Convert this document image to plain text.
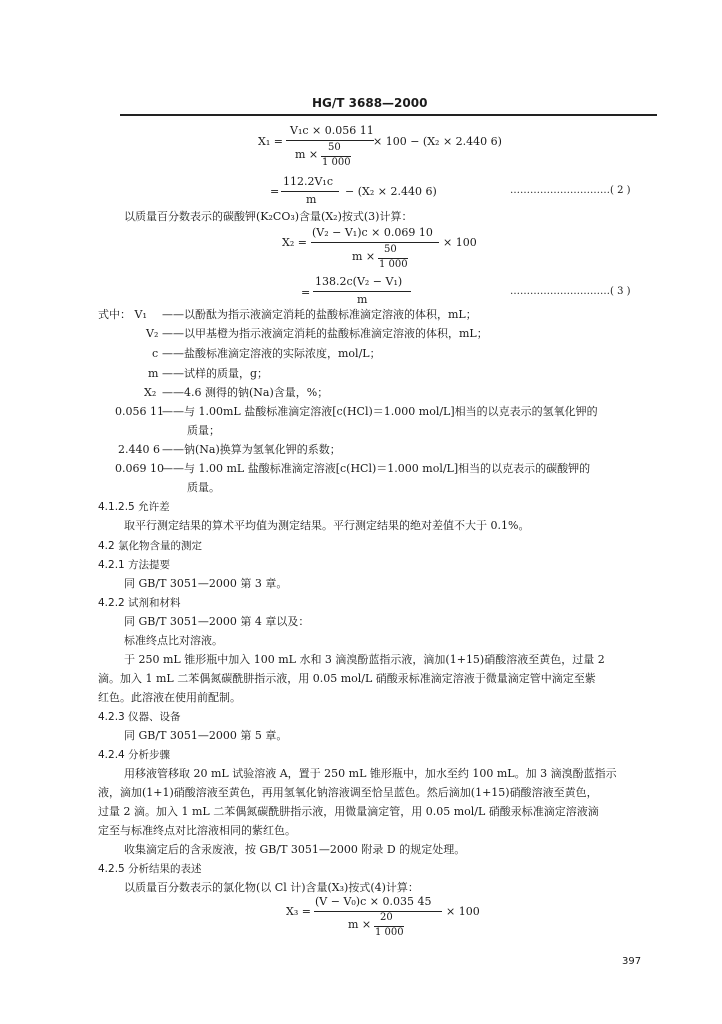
HG/T 3688—2000
X₁ =
V₁c × 0.056 11
m ×
50
1 000
× 100 − (X₂ × 2.440 6)
=
112.2V₁c
m
− (X₂ × 2.440 6)	…………………………( 2 )
以质量百分数表示的碳酸钾(K₂CO₃)含量(X₂)按式(3)计算：
X₂ =
(V₂ − V₁)c × 0.069 10
m ×
50
1 000
× 100
=
138.2c(V₂ − V₁)
m
…………………………( 3 )
式中： V₁ ——以酚酞为指示液滴定消耗的盐酸标准滴定溶液的体积，mL；
V₂ ——以甲基橙为指示液滴定消耗的盐酸标准滴定溶液的体积，mL；
c ——盐酸标准滴定溶液的实际浓度，mol/L；
m ——试样的质量，g；
X₂ ——4.6 测得的钠(Na)含量，%；
0.056 11
——与 1.00mL 盐酸标准滴定溶液[c(HCl)＝1.000 mol/L]相当的以克表示的氢氧化钾的
质量；
2.440 6 ——钠(Na)换算为氢氧化钾的系数；
0.069 10
——与 1.00 mL 盐酸标准滴定溶液[c(HCl)＝1.000 mol/L]相当的以克表示的碳酸钾的
质量。
4.1.2.5 允许差
取平行测定结果的算术平均值为测定结果。平行测定结果的绝对差值不大于 0.1%。
4.2 氯化物含量的测定
4.2.1 方法提要
同 GB/T 3051—2000 第 3 章。
4.2.2 试剂和材料
同 GB/T 3051—2000 第 4 章以及：
标准终点比对溶液。
于 250 mL 锥形瓶中加入 100 mL 水和 3 滴溴酚蓝指示液，滴加(1+15)硝酸溶液至黄色，过量 2
滴。加入 1 mL 二苯偶氮碳酰肼指示液，用 0.05 mol/L 硝酸汞标准滴定溶液于微量滴定管中滴定至紫
红色。此溶液在使用前配制。
4.2.3 仪器、设备
同 GB/T 3051—2000 第 5 章。
4.2.4 分析步骤
用移液管移取 20 mL 试验溶液 A，置于 250 mL 锥形瓶中，加水至约 100 mL。加 3 滴溴酚蓝指示
液，滴加(1+1)硝酸溶液至黄色，再用氢氧化钠溶液调至恰呈蓝色。然后滴加(1+15)硝酸溶液至黄色，
过量 2 滴。加入 1 mL 二苯偶氮碳酰肼指示液，用微量滴定管，用 0.05 mol/L 硝酸汞标准滴定溶液滴
定至与标准终点对比溶液相同的紫红色。
收集滴定后的含汞废液，按 GB/T 3051—2000 附录 D 的规定处理。
4.2.5 分析结果的表述
以质量百分数表示的氯化物(以 Cl 计)含量(X₃)按式(4)计算：
X₃ =
(V − V₀)c × 0.035 45
m ×
20
1 000
× 100
397
